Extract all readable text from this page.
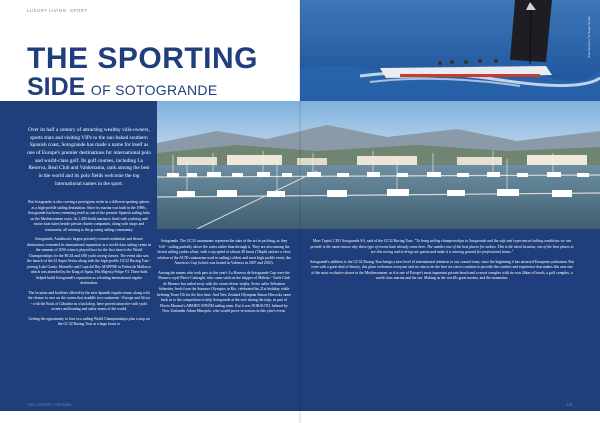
LUXURY LIVING: SPORT
THE SPORTING
SIDE OF SOTOGRANDE
Julia Montojo | 52 Super Series

Over its half a century of attracting wealthy villa-owners, sports stars and visiting VIPs to the sun-baked southern Spanish coast, Sotogrande has made a name for itself as one of Europe's premier destinations for international polo and world-class golf. Its golf courses, including La Reserva, Real Club and Valderrama, rank among the best in the world and its polo fields welcome the top international names in the sport.

But Sotogrande is also carving a prestigious niche in a different sporting sphere, as a high-profile sailing destination. Since its marina was built in the 1980s, Sotogrande has been cementing itself as one of the premier Spanish sailing hubs on the Mediterranean coast. Its 1,400-berth marina is lined with yachting and motor boat tubes beside private charter companies, along with shops and restaurants, all catering to the growing sailing community.

Sotogrande, Andalusia's largest privately-owned residential and leisure destination, cemented its international reputation as a world class sailing venue in the summer of 2016 when it played host for the first time to the World Championships for the RC44 and J/80 yacht racing classes. The event also saw the launch of the 52 Super Series along with the high-profile GC32 Racing Tour - joining Lake Garda, Marseille and Copa del Rey MAPFRE in Palma de Mallorca which was attended by the King of Spain, His Majesty Felipe VI. These both helped build Sotogrande's reputation as a leading international regatta destination.

The location and facilities offered by the new Spanish regatta venue, along with the chance to race on the waters that straddle two continents - Europe and Africa - with the Rock of Gibraltar as a backdrop, have proved attractive with yacht owners and boating and sailor teams of the world.

Getting the opportunity to host two sailing World Championships plus a stop on the GC32 Racing Tour at a huge boost to

Sotogrande. The GC32 catamarans represent the state of the art in yachting, as they 'foil' - sailing partially above the water rather than through it. They are also among the fastest sailing yachts afloat, with a top speed of almost 40 knots (74kph) and are a close relation of the AC50 catamarans used in sailing's oldest and most high profile event, the America's Cup (which was hosted in Valencia in 2007 and 2010).

Among the names who took part in this year's La Reserva de Sotogrande Cup were the Monaco royal Pierre Casiraghi, who came sixth on the skipper of Malizia - Yacht Club de Monaco but sailed away with the owner-driver trophy. Swiss sailor Sebastien Schneiter, fresh from the Summer Olympics in Rio, celebrated his 21st birthday while helming Team Tilt for the first time. And New Zealand Olympian Simon Hiscocks came back in to the competition to help Sotogrande at the race during the trips, as part of Flavio Marazzi's ARMEN STRÖM sailing team. But it was NORAUTO, helmed by New Zealander Adam Minoprio, who would prove victorious in this year's event.

Marc Topiol, CEO Sotogrande SA, said of the GC32 Racing Tour: "To bring sailing championships to Sotogrande and the safe and experienced sailing conditions we can provide is the main reason why these type of events have already come here. The number one of the best places for sailors. This is the ideal location, one of the best places to see this racing and to bring our guests and make it a winning ground for professional teams."

Sotogrande's addition to the GC32 Racing Tour brings a new level of international attention to our coastal town; since the beginning it has attracted European yachtsmen. But even with a great deal of history, this place welcomes everyone and we aim to do the best we can to continue to provide the comfort and experience that makes this area one of the most exclusive shores in the Mediterranean, as it is one of Europe's most important private beach and a resort complex with its own 26km of beach, a golf complex, a world class marina and the sea. Making us the world's great marina, and the mountains.

190 LUXURY Andalusia	191
